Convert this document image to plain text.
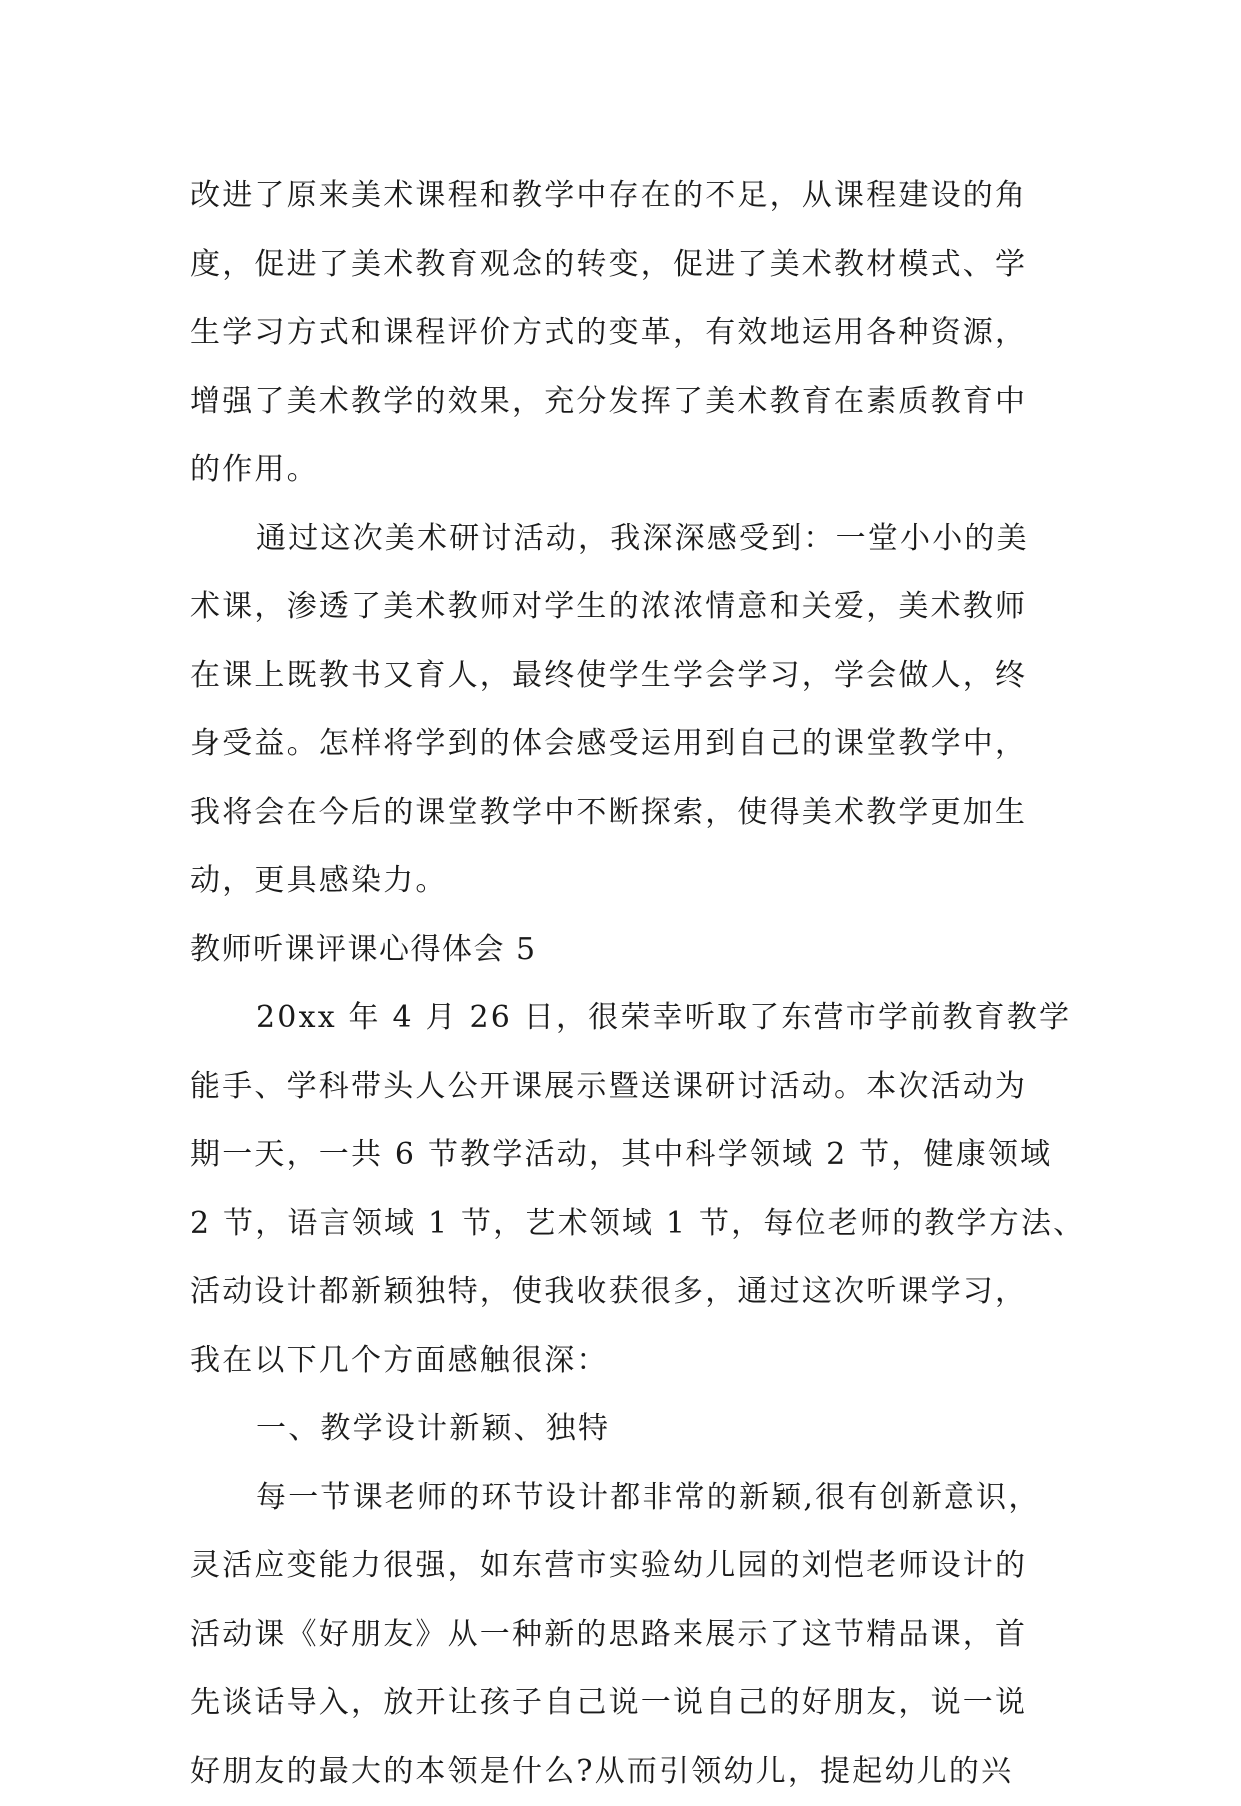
改进了原来美术课程和教学中存在的不足，从课程建设的角
度，促进了美术教育观念的转变，促进了美术教材模式、学
生学习方式和课程评价方式的变革，有效地运用各种资源，
增强了美术教学的效果，充分发挥了美术教育在素质教育中
的作用。
通过这次美术研讨活动，我深深感受到：一堂小小的美
术课，渗透了美术教师对学生的浓浓情意和关爱，美术教师
在课上既教书又育人，最终使学生学会学习，学会做人，终
身受益。怎样将学到的体会感受运用到自己的课堂教学中，
我将会在今后的课堂教学中不断探索，使得美术教学更加生
动，更具感染力。
教师听课评课心得体会 5
20xx 年 4 月 26 日，很荣幸听取了东营市学前教育教学
能手、学科带头人公开课展示暨送课研讨活动。本次活动为
期一天，一共 6 节教学活动，其中科学领域 2 节，健康领域
2 节，语言领域 1 节，艺术领域 1 节，每位老师的教学方法、
活动设计都新颖独特，使我收获很多，通过这次听课学习，
我在以下几个方面感触很深：
一、教学设计新颖、独特
每一节课老师的环节设计都非常的新颖,很有创新意识，
灵活应变能力很强，如东营市实验幼儿园的刘恺老师设计的
活动课《好朋友》从一种新的思路来展示了这节精品课，首
先谈话导入，放开让孩子自己说一说自己的好朋友，说一说
好朋友的最大的本领是什么?从而引领幼儿，提起幼儿的兴
